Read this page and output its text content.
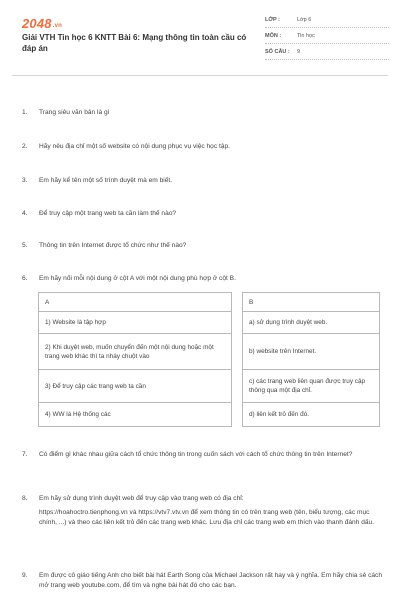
2048.vn
Giải VTH Tin học 6 KNTT Bài 6: Mạng thông tin toàn cầu có đáp án
LỚP :	Lớp 6
MÔN :	Tin học
SỐ CÂU : 9
1. Trang siêu văn bản là gì
2. Hãy nêu địa chỉ một số website có nội dung phục vụ việc học tập.
3. Em hãy kể tên một số trình duyệt mà em biết.
4. Để truy cập một trang web ta cần làm thế nào?
5. Thông tin trên Internet được tổ chức như thế nào?
6. Em hãy nối mỗi nội dung ở cột A với một nội dung phù hợp ở cột B.
A
1) Website là tập hợp
2) Khi duyệt web, muốn chuyển đến một nội dung hoặc một trang web khác thì ta nháy chuột vào
3) Để truy cập các trang web ta cần
4) WW là Hệ thống các
B
a) sử dụng trình duyệt web.
b) website trên Internet.
c) các trang web liên quan được truy cập thông qua một địa chỉ.
d) liên kết trỏ đến đó.
7. Có điểm gì khác nhau giữa cách tổ chức thông tin trong cuốn sách với cách tổ chức thông tin trên Internet?
8. Em hãy sử dụng trình duyệt web để truy cập vào trang web có địa chỉ:

https://hoahoctro.tienphong.vn và https://vtv7.vtv.vn để xem thông tin có trên trang web (tên, biểu tượng, các mục chính, ...) và theo các liên kết trỏ đến các trang web khác. Lưu địa chỉ các trang web em thích vào thanh đánh dấu.

9. Em được cô giáo tiếng Anh cho biết bài hát Earth Song của Michael Jackson rất hay và ý nghĩa. Em hãy chia sẻ cách mở trang web youtube.com, để tìm và nghe bài hát đó cho các bạn.
